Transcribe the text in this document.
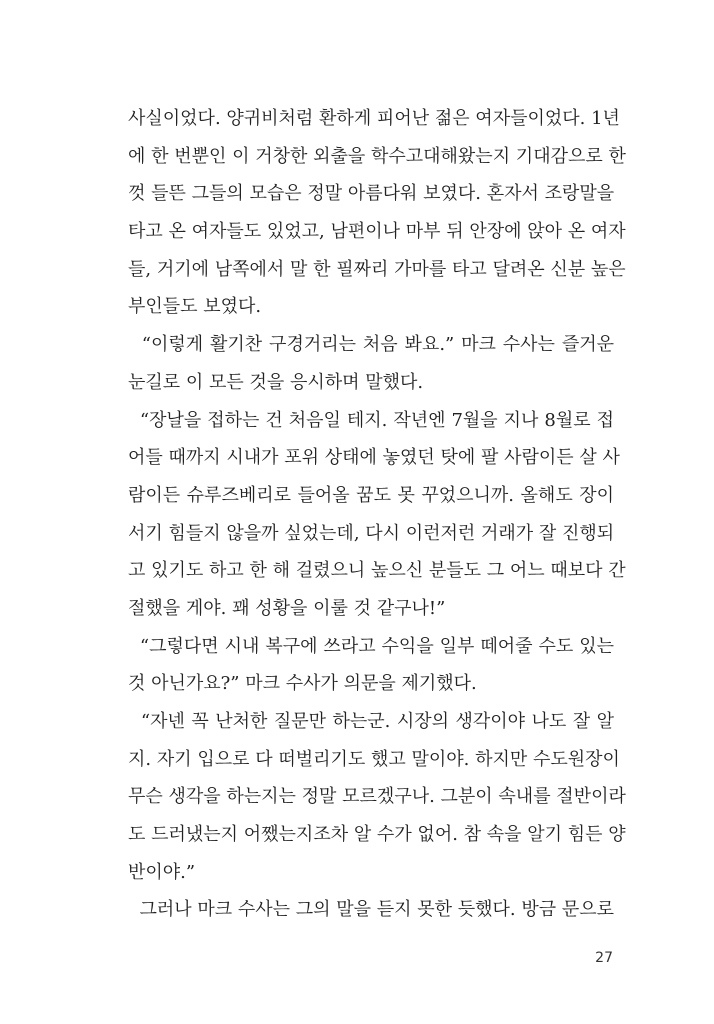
사실이었다. 양귀비처럼 환하게 피어난 젊은 여자들이었다. 1년
에 한 번뿐인 이 거창한 외출을 학수고대해왔는지 기대감으로 한
껏 들뜬 그들의 모습은 정말 아름다워 보였다. 혼자서 조랑말을
타고 온 여자들도 있었고, 남편이나 마부 뒤 안장에 앉아 온 여자
들, 거기에 남쪽에서 말 한 필짜리 가마를 타고 달려온 신분 높은
부인들도 보였다.
“이렇게 활기찬 구경거리는 처음 봐요.” 마크 수사는 즐거운
눈길로 이 모든 것을 응시하며 말했다.
“장날을 접하는 건 처음일 테지. 작년엔 7월을 지나 8월로 접
어들 때까지 시내가 포위 상태에 놓였던 탓에 팔 사람이든 살 사
람이든 슈루즈베리로 들어올 꿈도 못 꾸었으니까. 올해도 장이
서기 힘들지 않을까 싶었는데, 다시 이런저런 거래가 잘 진행되
고 있기도 하고 한 해 걸렸으니 높으신 분들도 그 어느 때보다 간
절했을 게야. 꽤 성황을 이룰 것 같구나!”
“그렇다면 시내 복구에 쓰라고 수익을 일부 떼어줄 수도 있는
것 아닌가요?” 마크 수사가 의문을 제기했다.
“자넨 꼭 난처한 질문만 하는군. 시장의 생각이야 나도 잘 알
지. 자기 입으로 다 떠벌리기도 했고 말이야. 하지만 수도원장이
무슨 생각을 하는지는 정말 모르겠구나. 그분이 속내를 절반이라
도 드러냈는지 어쨌는지조차 알 수가 없어. 참 속을 알기 힘든 양
반이야.”
그러나 마크 수사는 그의 말을 듣지 못한 듯했다. 방금 문으로
27
